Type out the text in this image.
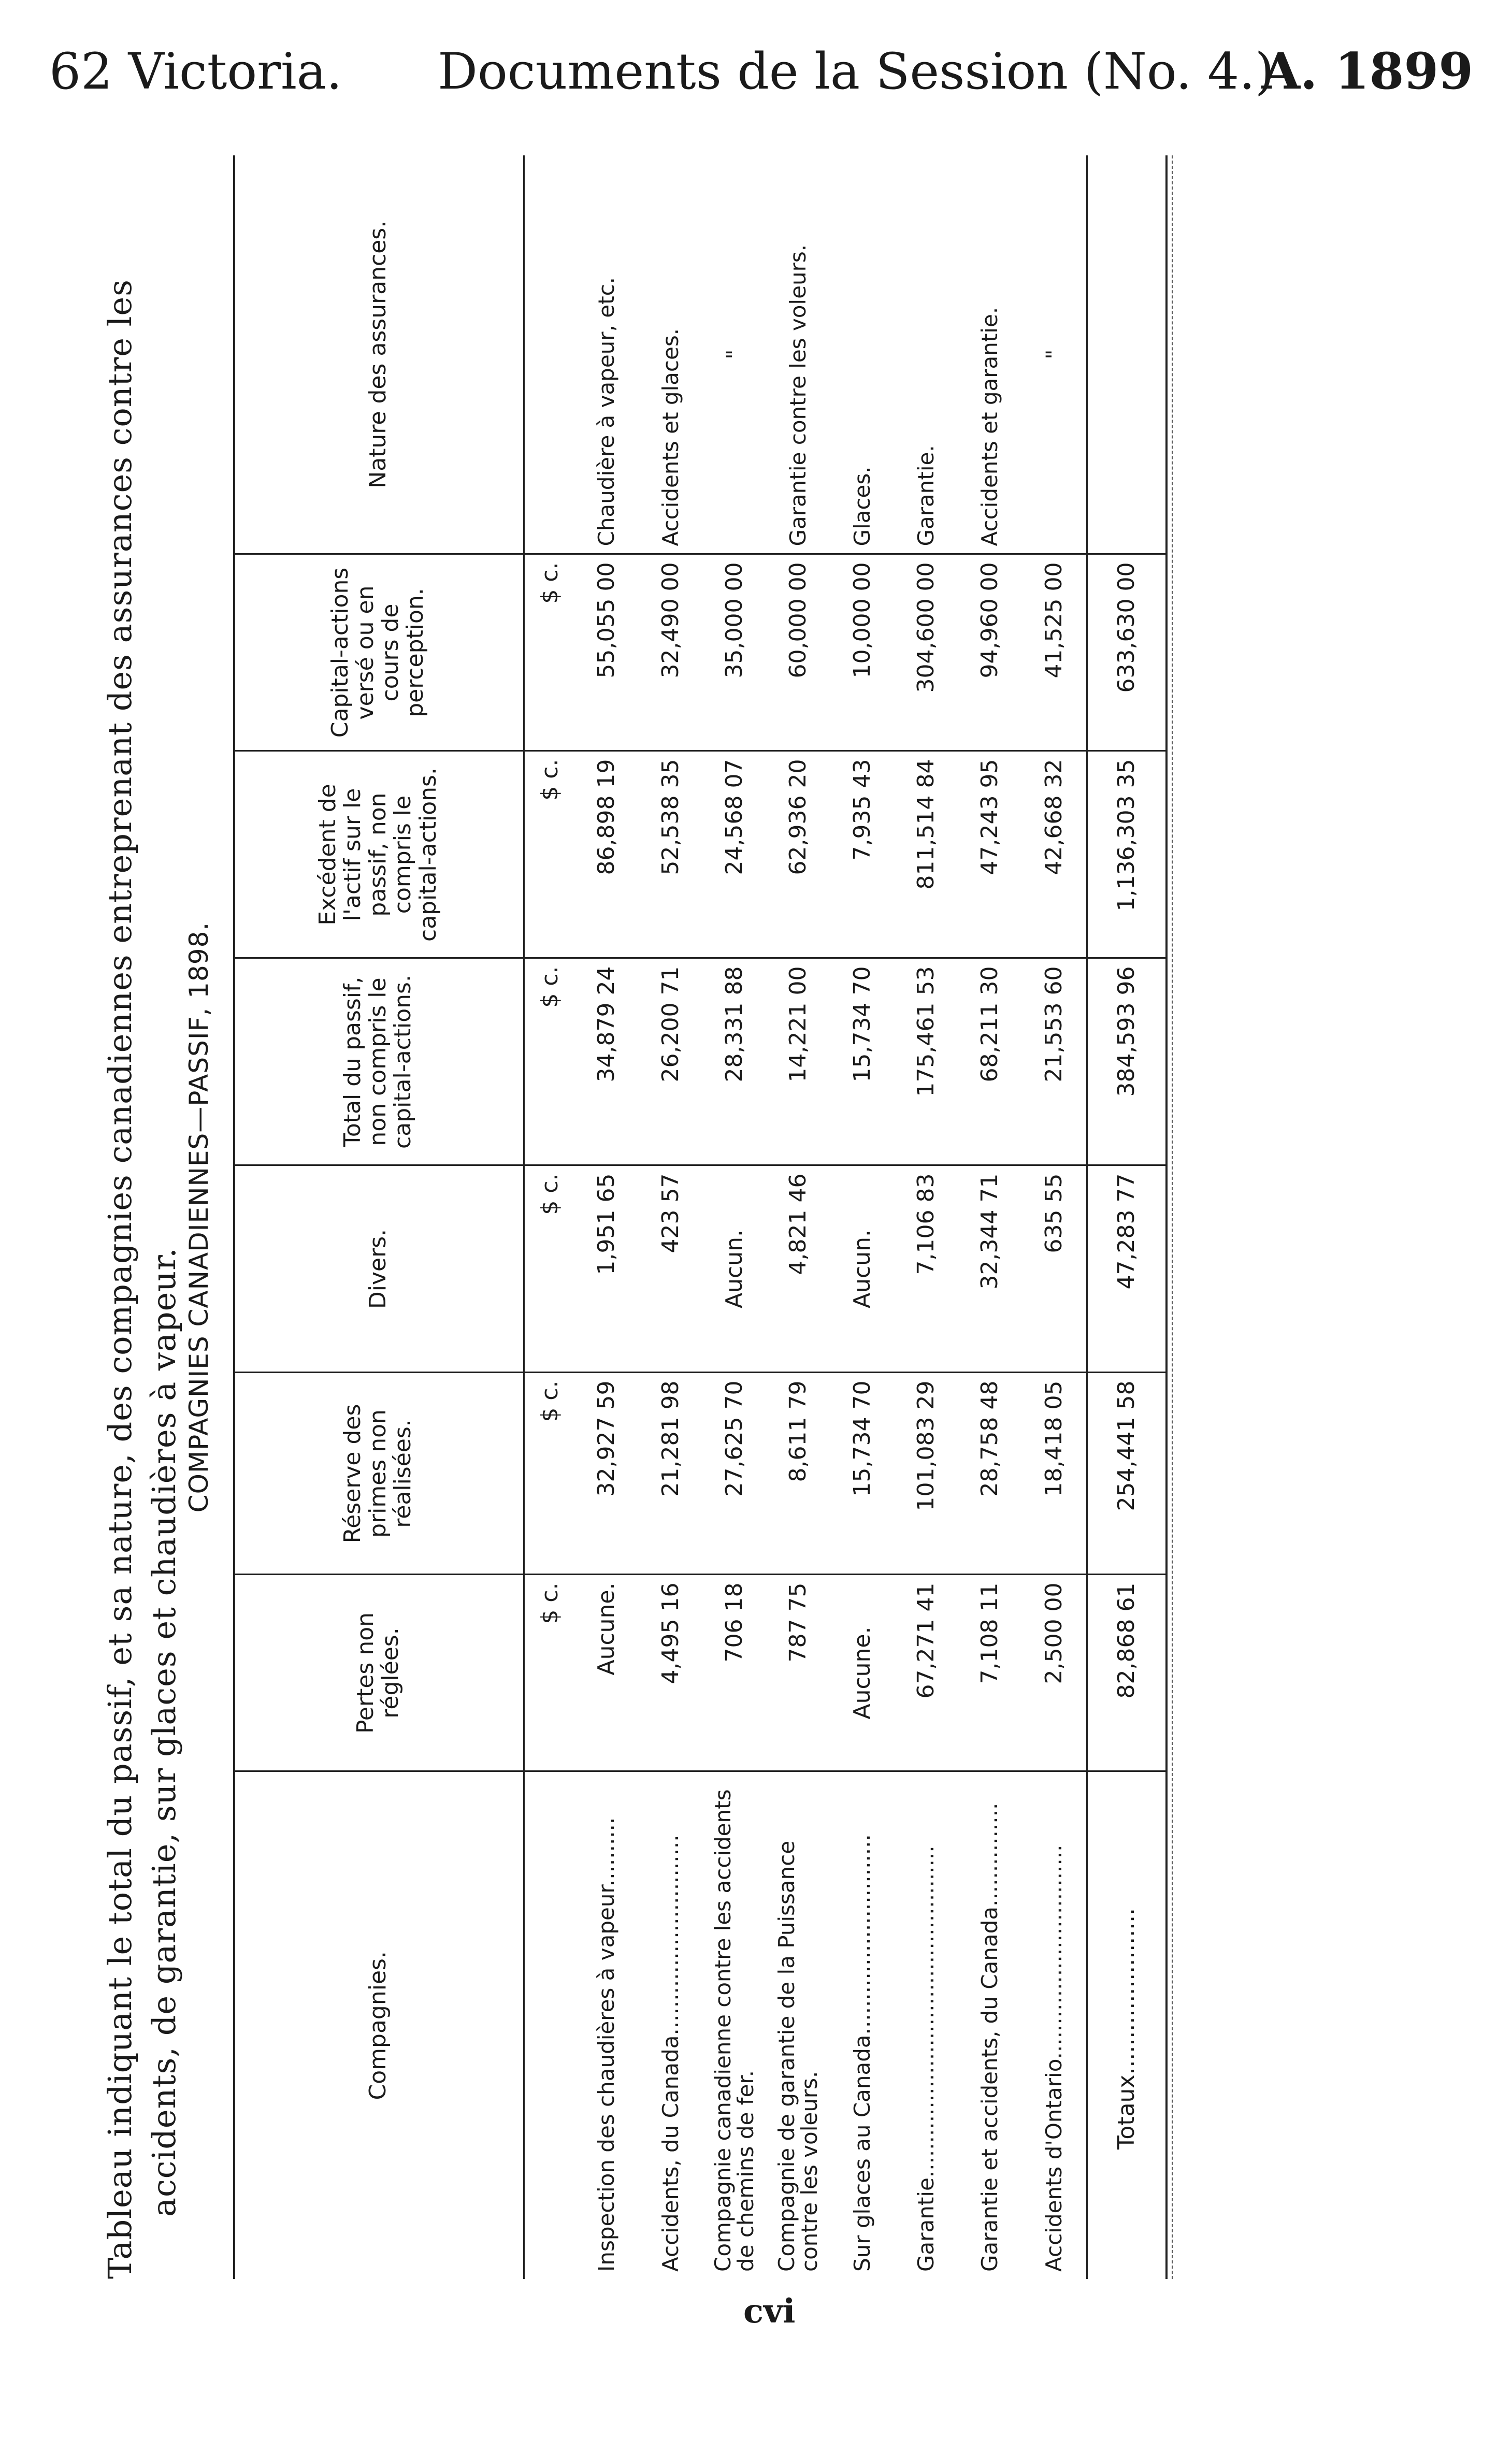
62 Victoria. Documents de la Session (No. 4.)
A. 1899
Tableau indiquant le total du passif, et sa nature, des compagnies canadiennes entreprenant des assurances contre les accidents, de garantie, sur glaces et chaudières à vapeur.
COMPAGNIES CANADIENNES—PASSIF, 1898.
Compagnies.	Pertes non réglées.	Réserve des primes non réalisées.	Divers.	Total du passif, non compris le capital-actions.	Excédent de l'actif sur le passif, non compris le capital-actions.	Capital-actions versé ou en cours de perception.	Nature des assurances.
	$ c.	$ c.	$ c.	$ c.	$ c.	$ c.	
Inspection des chaudières à vapeur..........	Aucune.	32,927 59	1,951 65	34,879 24	86,898 19	55,055 00	Chaudière à vapeur, etc.
Accidents, du Canada.............................	4,495 16	21,281 98	423 57	26,200 71	52,538 35	32,490 00	Accidents et glaces.
Compagnie canadienne contre les accidents de chemins de fer.	706 18	27,625 70	Aucun.	28,331 88	24,568 07	35,000 00	"
Compagnie de garantie de la Puissance contre les voleurs.	787 75	8,611 79	4,821 46	14,221 00	62,936 20	60,000 00	Garantie contre les voleurs.
Sur glaces au Canada.............................	Aucune.	15,734 70	Aucun.	15,734 70	7,935 43	10,000 00	Glaces.
Garantie................................................	67,271 41	101,083 29	7,106 83	175,461 53	811,514 84	304,600 00	Garantie.
Garantie et accidents, du Canada...............	7,108 11	28,758 48	32,344 71	68,211 30	47,243 95	94,960 00	Accidents et garantie.
Accidents d'Ontario...............................	2,500 00	18,418 05	635 55	21,553 60	42,668 32	41,525 00	"
Totaux.......................	82,868 61	254,441 58	47,283 77	384,593 96	1,136,303 35	633,630 00	
cvi
